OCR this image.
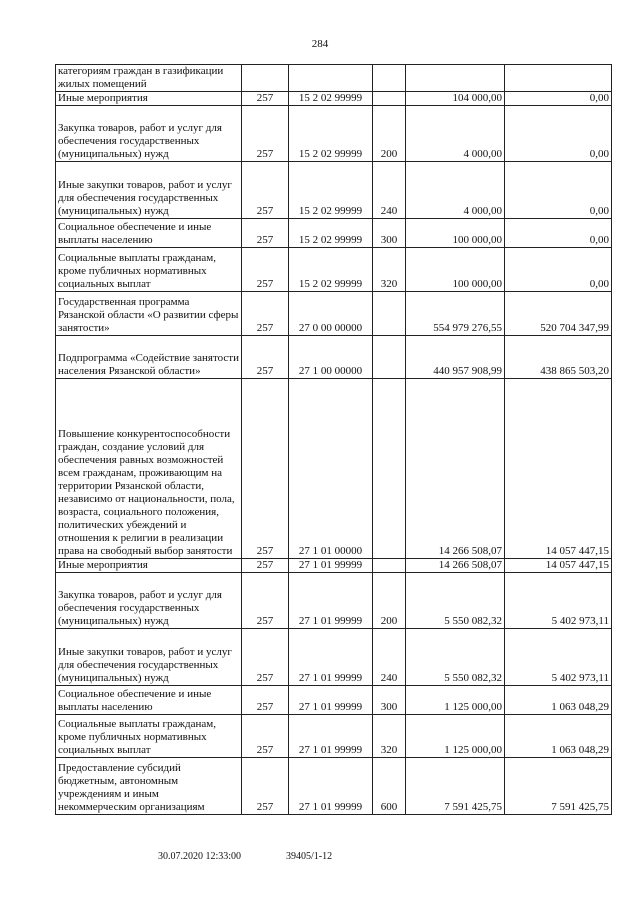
284
категориям граждан в газификации жилых помещений					
Иные мероприятия	257	15 2 02 99999		104 000,00	0,00
Закупка товаров, работ и услуг для обеспечения государственных (муниципальных) нужд	257	15 2 02 99999	200	4 000,00	0,00
Иные закупки товаров, работ и услуг для обеспечения государственных (муниципальных) нужд	257	15 2 02 99999	240	4 000,00	0,00
Социальное обеспечение и иные выплаты населению	257	15 2 02 99999	300	100 000,00	0,00
Социальные выплаты гражданам, кроме публичных нормативных социальных выплат	257	15 2 02 99999	320	100 000,00	0,00
Государственная программа Рязанской области «О развитии сферы занятости»	257	27 0 00 00000		554 979 276,55	520 704 347,99
Подпрограмма «Содействие занятости населения Рязанской области»	257	27 1 00 00000		440 957 908,99	438 865 503,20
Повышение конкурентоспособности граждан, создание условий для обеспечения равных возможностей всем гражданам, проживающим на территории Рязанской области, независимо от национальности, пола, возраста, социального положения, политических убеждений и отношения к религии в реализации права на свободный выбор занятости	257	27 1 01 00000		14 266 508,07	14 057 447,15
Иные мероприятия	257	27 1 01 99999		14 266 508,07	14 057 447,15
Закупка товаров, работ и услуг для обеспечения государственных (муниципальных) нужд	257	27 1 01 99999	200	5 550 082,32	5 402 973,11
Иные закупки товаров, работ и услуг для обеспечения государственных (муниципальных) нужд	257	27 1 01 99999	240	5 550 082,32	5 402 973,11
Социальное обеспечение и иные выплаты населению	257	27 1 01 99999	300	1 125 000,00	1 063 048,29
Социальные выплаты гражданам, кроме публичных нормативных социальных выплат	257	27 1 01 99999	320	1 125 000,00	1 063 048,29
Предоставление субсидий бюджетным, автономным учреждениям и иным некоммерческим организациям	257	27 1 01 99999	600	7 591 425,75	7 591 425,75
30.07.2020 12:33:00	39405/1-12
